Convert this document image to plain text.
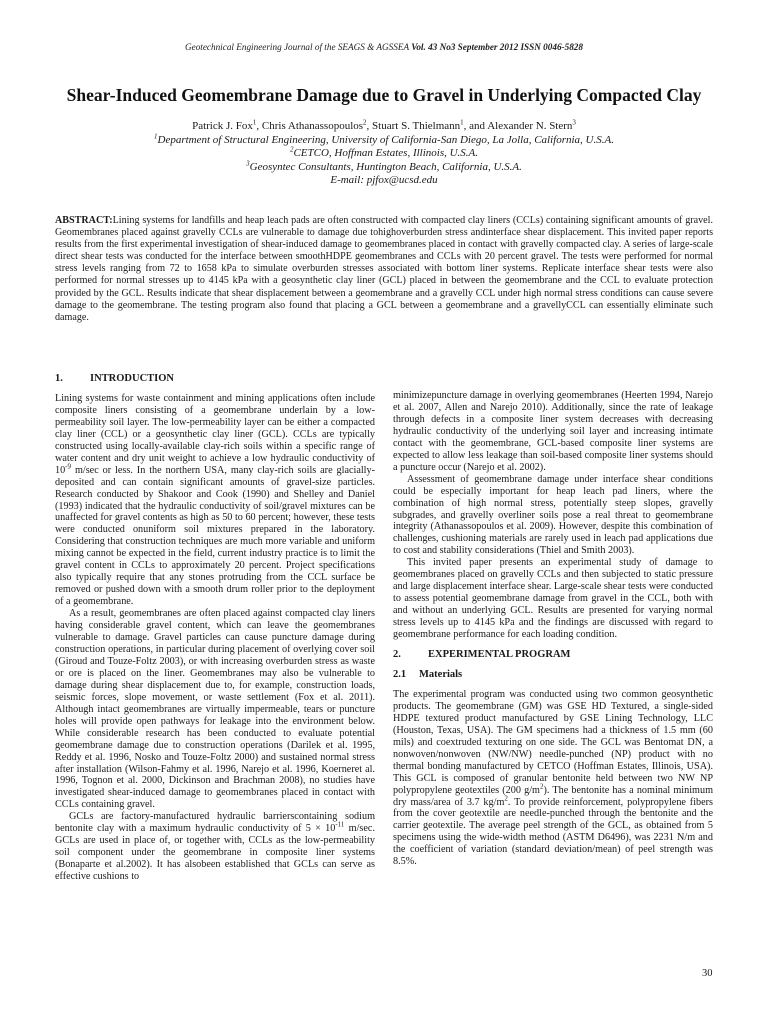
Geotechnical Engineering Journal of the SEAGS & AGSSEA Vol. 43 No3 September 2012 ISSN 0046-5828
Shear-Induced Geomembrane Damage due to Gravel in Underlying Compacted Clay
Patrick J. Fox$^1$, Chris Athanassopoulos$^2$, Stuart S. Thielmann$^1$, and Alexander N. Stern$^3$
$^1$Department of Structural Engineering, University of California-San Diego, La Jolla, California, U.S.A.
$^2$CETCO, Hoffman Estates, Illinois, U.S.A.
$^3$Geosyntec Consultants, Huntington Beach, California, U.S.A.
E-mail: pjfox@ucsd.edu

ABSTRACT:Lining systems for landfills and heap leach pads are often constructed with compacted clay liners (CCLs) containing significant amounts of gravel. Geomembranes placed against gravelly CCLs are vulnerable to damage due tohighoverburden stress andinterface shear displacement. This invited paper reports results from the first experimental investigation of shear-induced damage to geomembranes placed in contact with gravelly compacted clay. A series of large-scale direct shear tests was conducted for the interface between smoothHDPE geomembranes and CCLs with 20 percent gravel. The tests were performed for normal stress levels ranging from 72 to 1658 kPa to simulate overburden stresses associated with bottom liner systems. Replicate interface shear tests were also performed for normal stresses up to 4145 kPa with a geosynthetic clay liner (GCL) placed in between the geomembrane and the CCL to evaluate protection provided by the GCL. Results indicate that shear displacement between a geomembrane and a gravelly CCL under high normal stress conditions can cause severe damage to the geomembrane. The testing program also found that placing a GCL between a geomembrane and a gravellyCCL can essentially eliminate such damage.

1.	INTRODUCTION

Lining systems for waste containment and mining applications often include composite liners consisting of a geomembrane underlain by a low-permeability soil layer. The low-permeability layer can be either a compacted clay liner (CCL) or a geosynthetic clay liner (GCL). CCLs are typically constructed using locally-available clay-rich soils within a specific range of water content and dry unit weight to achieve a low hydraulic conductivity of $10^{-9}$ m/sec or less. In the northern USA, many clay-rich soils are glacially-deposited and can contain significant amounts of gravel-size particles. Research conducted by Shakoor and Cook (1990) and Shelley and Daniel (1993) indicated that the hydraulic conductivity of soil/gravel mixtures can be unaffected for gravel contents as high as 50 to 60 percent; however, these tests were conducted onuniform soil mixtures prepared in the laboratory. Considering that construction techniques are much more variable and uniform mixing cannot be expected in the field, current industry practice is to limit the gravel content in CCLs to approximately 20 percent. Project specifications also typically require that any stones protruding from the CCL surface be removed or pushed down with a smooth drum roller prior to the deployment of a geomembrane.

As a result, geomembranes are often placed against compacted clay liners having considerable gravel content, which can leave the geomembranes vulnerable to damage. Gravel particles can cause puncture damage during construction operations, in particular during placement of overlying cover soil (Giroud and Touze-Foltz 2003), or with increasing overburden stress as waste or ore is placed on the liner. Geomembranes may also be vulnerable to damage during shear displacement due to, for example, construction loads, seismic forces, slope movement, or waste settlement (Fox et al. 2011). Although intact geomembranes are virtually impermeable, tears or puncture holes will provide open pathways for leakage into the environment below. While considerable research has been conducted to evaluate potential geomembrane damage due to construction operations (Darilek et al. 1995, Reddy et al. 1996, Nosko and Touze-Foltz 2000) and sustained normal stress after installation (Wilson-Fahmy et al. 1996, Narejo et al. 1996, Koerneret al. 1996, Tognon et al. 2000, Dickinson and Brachman 2008), no studies have investigated shear-induced damage to geomembranes placed in contact with CCLs containing gravel.

GCLs are factory-manufactured hydraulic barrierscontaining sodium bentonite clay with a maximum hydraulic conductivity of $5 \times 10^{-11}$ m/sec. GCLs are used in place of, or together with, CCLs as the low-permeability soil component under the geomembrane in composite liner systems (Bonaparte et al.2002). It has alsobeen established that GCLs can serve as effective cushions to

minimizepuncture damage in overlying geomembranes (Heerten 1994, Narejo et al. 2007, Allen and Narejo 2010). Additionally, since the rate of leakage through defects in a composite liner system decreases with decreasing hydraulic conductivity of the underlying soil layer and increasing intimate contact with the geomembrane, GCL-based composite liner systems are expected to allow less leakage than soil-based composite liner systems should a puncture occur (Narejo et al. 2002).

Assessment of geomembrane damage under interface shear conditions could be especially important for heap leach pad liners, where the combination of high normal stress, potentially steep slopes, gravelly subgrades, and gravelly overliner soils pose a real threat to geomembrane integrity (Athanassopoulos et al. 2009). However, despite this combination of challenges, cushioning materials are rarely used in leach pad applications due to cost and stability considerations (Thiel and Smith 2003).

This invited paper presents an experimental study of damage to geomembranes placed on gravelly CCLs and then subjected to static pressure and large displacement interface shear. Large-scale shear tests were conducted to assess potential geomembrane damage from gravel in the CCL, both with and without an underlying GCL. Results are presented for varying normal stress levels up to 4145 kPa and the findings are discussed with regard to geomembrane performance for each loading condition.

2.	EXPERIMENTAL PROGRAM
2.1	Materials

The experimental program was conducted using two common geosynthetic products. The geomembrane (GM) was GSE HD Textured, a single-sided HDPE textured product manufactured by GSE Lining Technology, LLC (Houston, Texas, USA). The GM specimens had a thickness of 1.5 mm (60 mils) and coextruded texturing on one side. The GCL was Bentomat DN, a nonwoven/nonwoven (NW/NW) needle-punched (NP) product with no thermal bonding manufactured by CETCO (Hoffman Estates, Illinois, USA). This GCL is composed of granular bentonite held between two NW NP polypropylene geotextiles (200 $g/m^2$). The bentonite has a nominal minimum dry mass/area of 3.7 $kg/m^2$. To provide reinforcement, polypropylene fibers from the cover geotextile are needle-punched through the bentonite and the carrier geotextile. The average peel strength of the GCL, as obtained from 5 specimens using the wide-width method (ASTM D6496), was 2231 N/m and the coefficient of variation (standard deviation/mean) of peel strength was 8.5%.

30
